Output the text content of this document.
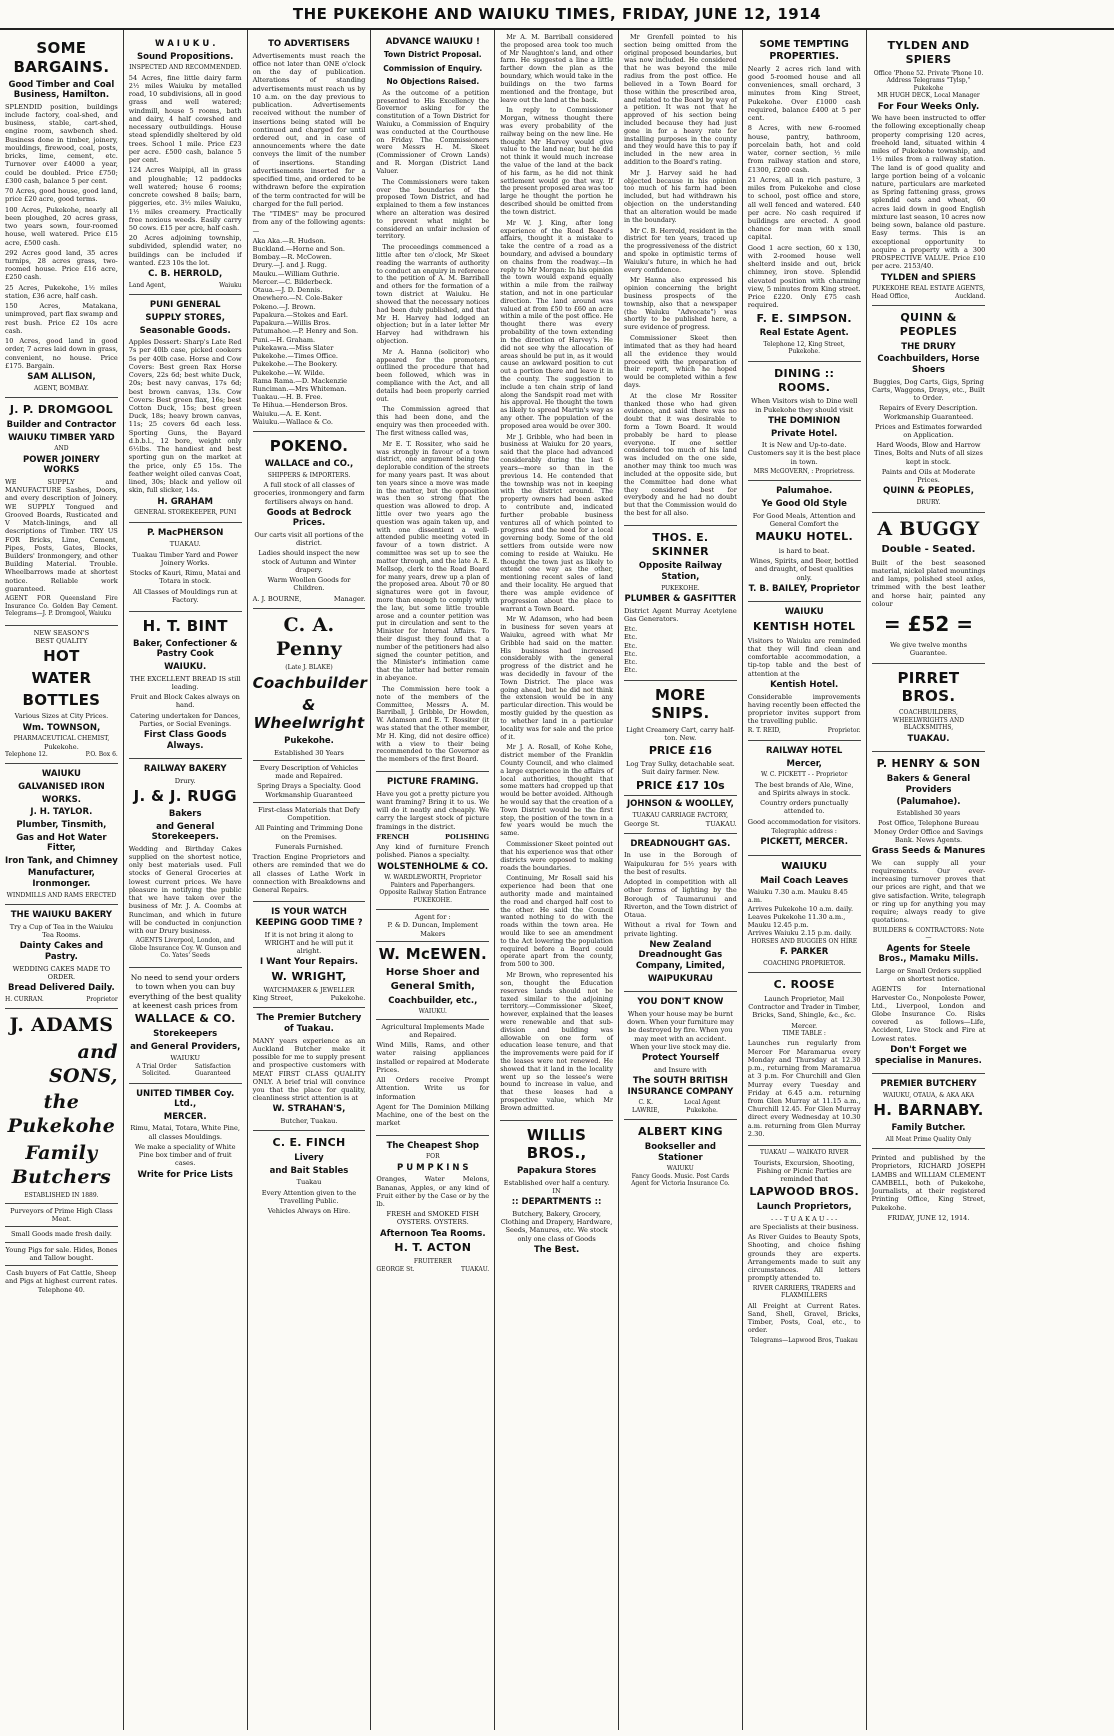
THE PUKEKOHE AND WAIUKU TIMES, FRIDAY, JUNE 12, 1914
SOME BARGAINS.
Good Timber and Coal Business, Hamilton.

SPLENDID position, buildings include factory, coal-shed, and business, stable, cart-shed, engine room, sawbench shed. Business done in timber, joinery, mouldings, firewood, coal, posts, bricks, lime, cement, etc. Turnover over £4000 a year, could be doubled. Price £750; £300 cash, balance 5 per cent.

70 Acres, good house, good land, price £20 acre, good terms.

100 Acres, Pukekohe, nearly all been ploughed, 20 acres grass, two years sown, four-roomed house, well watered. Price £15 acre, £500 cash.

292 Acres good land, 35 acres turnips, 28 acres grass, two-roomed house. Price £16 acre, £250 cash.

25 Acres, Pukekohe, 1½ miles station, £36 acre, half cash.

150 Acres, Matakana, unimproved, part flax swamp and rest bush. Price £2 10s acre cash.

10 Acres, good land in good order, 7 acres laid down in grass, convenient, no house. Price £175. Bargain.

SAM ALLISON,
AGENT, BOMBAY.
J. P. DROMGOOL
Builder and Contractor
WAIUKU TIMBER YARD
AND
POWER JOINERY WORKS

WE SUPPLY and MANUFACTURE Sashes, Doors, and every description of Joinery. WE SUPPLY Tongued and Grooved Boards, Rusticated and V Match-linings, and all descriptions of Timber. TRY US FOR Bricks, Lime, Cement, Pipes, Posts, Gates, Blocks, Builders' Ironmongery, and other Building Material. Trouble. Wheelbarrows made at shortest notice. Reliable work guaranteed.

AGENT FOR Queensland Fire Insurance Co. Golden Bay Cement. Telegrams—J. P. Dromgool, Waiuku

NEW SEASON'S
BEST QUALITY
HOT
WATER
BOTTLES
Various Sizes at City Prices.
Wm. TOWNSON,
PHARMACEUTICAL CHEMIST,
Pukekohe.
Telephone 12.	P.O. Box 6.
WAIUKU
GALVANISED IRON
WORKS.
J. H. TAYLOR.
Plumber, Tinsmith,
Gas and Hot Water Fitter,
Iron Tank, and Chimney
Manufacturer, Ironmonger.
WINDMILLS AND RAMS ERECTED
THE WAIUKU BAKERY
Try a Cup of Tea in the Waiuku Tea Rooms.
Dainty Cakes and Pastry.
WEDDING CAKES MADE TO ORDER.
Bread Delivered Daily.
H. CURRAN.	Proprietor
J. ADAMS
and SONS,
the Pukekohe
Family Butchers
ESTABLISHED IN 1889.
Purveyors of Prime High Class Meat.
Small Goods made fresh daily.
Young Pigs for sale. Hides, Bones and Tallow bought.
Cash buyers of Fat Cattle, Sheep and Pigs at highest current rates.
Telephone 40.
W A I U K U .
Sound Propositions.
INSPECTED AND RECOMMENDED.

54 Acres, fine little dairy farm 2½ miles Waiuku by metalled road, 10 subdivisions, all in good grass and well watered; windmill, house 5 rooms, bath and dairy, 4 half cowshed and necessary outbuildings. House stead splendidly sheltered by old trees. School 1 mile. Price £23 per acre. £500 cash, balance 5 per cent.

124 Acres Waipipi, all in grass and ploughable; 12 paddocks well watered; house 6 rooms; concrete cowshed 8 bails; barn, piggeries, etc. 3½ miles Waiuku, 1½ miles creamery. Practically free noxious weeds. Easily carry 50 cows. £15 per acre, half cash.

20 Acres adjoining township, subdivided, splendid water, no buildings can be included if wanted. £23 10s the lot.

C. B. HERROLD,
Land Agent,	Waiuku
PUNI GENERAL
SUPPLY STORES,
Seasonable Goods.

Apples Dessert: Sharp's Late Red 7s per 40lb case, picked cookers 5s per 40lb case. Horse and Cow Covers: Best green Rax Horse Covers, 22s 6d; best white Duck, 20s; best navy canvas, 17s 6d; best brown canvas, 13s. Cow Covers: Best green flax, 16s; best Cotton Duck, 15s; best green Duck, 18s; heavy brown canvas, 11s; 25 covers 6d each less. Sporting Guns, the Bayard d.b.b.l., 12 bore, weight only 6½lbs. The handiest and best sporting gun on the market at the price, only £5 15s. The feather weight oiled canvas Coat, lined, 30s; black and yellow oil skin, full slicker, 14s.

H. GRAHAM
GENERAL STOREKEEPER, PUNI
P. MacPHERSON
TUAKAU.

Tuakau Timber Yard and Power Joinery Works.

Stocks of Kauri, Rimu, Matai and Totara in stock.

All Classes of Mouldings run at Factory.

H. T. BINT
Baker, Confectioner & Pastry Cook
WAIUKU.

THE EXCELLENT BREAD IS still leading.

Fruit and Block Cakes always on hand.

Catering undertaken for Dances, Parties, or Social Evenings.

First Class Goods Always.
RAILWAY BAKERY
Drury.
J. & J. RUGG
Bakers
and General Storekeepers.

Wedding and Birthday Cakes supplied on the shortest notice, only best materials used. Full stocks of General Groceries at lowest current prices. We have pleasure in notifying the public that we have taken over the business of Mr. J. A. Coombs at Runciman, and which in future will be conducted in conjunction with our Drury business.

AGENTS Liverpool, London, and Globe Insurance Coy. W. Gunson and Co. Yates' Seeds

No need to send your orders to town when you can buy everything of the best quality at keenest cash prices from

WALLACE & CO.
Storekeepers
and General Providers,
WAIUKU
A Trial Order Solicited.
Satisfaction Guaranteed
UNITED TIMBER Coy. Ltd.,
MERCER.

Rimu, Matai, Totara, White Pine, all classes Mouldings.

We make a speciality of White Pine box timber and of fruit cases.

Write for Price Lists
TO ADVERTISERS

Advertisements must reach the office not later than ONE o'clock on the day of publication. Alterations of standing advertisements must reach us by 10 a.m. on the day previous to publication. Advertisements received without the number of insertions being stated will be continued and charged for until ordered out, and in case of announcements where the date conveys the limit of the number of insertions. Standing advertisements inserted for a specified time, and ordered to be withdrawn before the expiration of the term contracted for will be charged for the full period.

The "TIMES" may be procured from any of the following agents:—

Aka Aka.—R. Hudson.
Buckland.—Horne and Son.
Bombay.—R. McCowen.
Drury.—J. and J. Rugg.
Mauku.—William Guthrie.
Mercer.—C. Bilderbeck.
Otaua.—J. D. Dennis.
Onewhero.—N. Cole-Baker
Pokeno.—J. Brown.
Papakura.—Stokes and Earl.
Papakura.—Willis Bros.
Patumahoe.—P. Henry and Son.
Puni.—H. Graham.
Pukekawa.—Miss Slater
Pukekohe.—Times Office.
Pukekohe.—The Bookery.
Pukekohe.—W. Wilde.
Rama Rama.—D. Mackenzie
Runciman.—Mrs Whiteman.
Tuakau.—H. B. Free.
Te Hihua.—Henderson Bros.
Waiuku.—A. E. Kent.
Waiuku.—Wallace & Co.
POKENO.
WALLACE and CO.,
SHIPPERS & IMPORTERS.

A full stock of all classes of groceries, ironmongery and farm fertilisers always on hand.

Goods at Bedrock Prices.

Our carts visit all portions of the district.

Ladies should inspect the new stock of Autumn and Winter drapery.

Warm Woollen Goods for Children.

A. J. BOURNE,	Manager.
C. A. Penny
(Late J. BLAKE)
Coachbuilder
& Wheelwright
Pukekohe.
Established 30 Years

Every Description of Vehicles made and Repaired.

Spring Drays a Specialty. Good Workmanship Guaranteed

First-class Materials that Defy Competition.

All Painting and Trimming Done on the Premises.

Funerals Furnished.

Traction Engine Proprietors and others are reminded that we do all classes of Lathe Work in connection with Breakdowns and General Repairs.

IS YOUR WATCH KEEPING GOOD TIME ?

If it is not bring it along to WRIGHT and he will put it alright.

I Want Your Repairs.
W. WRIGHT,
WATCHMAKER & JEWELLER
King Street,	Pukekohe.
The Premier Butchery of Tuakau.

MANY years experience as an Auckland Butcher make it possible for me to supply present and prospective customers with MEAT FIRST CLASS QUALITY ONLY. A brief trial will convince you that the place for quality, cleanliness strict attention is at

W. STRAHAN'S,
Butcher, Tuakau.
C. E. FINCH
Livery
and Bait Stables
Tuakau

Every Attention given to the Travelling Public.

Vehicles Always on Hire.
ADVANCE WAIUKU !
Town District Proposal.
Commission of Enquiry.
No Objections Raised.

As the outcome of a petition presented to His Excellency the Governor asking for the constitution of a Town District for Waiuku, a Commission of Enquiry was conducted at the Courthouse on Friday. The Commissioners were Messrs H. M. Skeet (Commissioner of Crown Lands) and R. Morgan (District Land Valuer.

The Commissioners were taken over the boundaries of the proposed Town District, and had explained to them a few instances where an alteration was desired to prevent what might be considered an unfair inclusion of territory.

The proceedings commenced a little after ten o'clock, Mr Skeet reading the warrants of authority to conduct an enquiry in reference to the petition of A. M. Barriball and others for the formation of a town district at Waiuku. He showed that the necessary notices had been duly published, and that Mr H. Harvey had lodged an objection; but in a later letter Mr Harvey had withdrawn his objection.

Mr A. Hanna (solicitor) who appeared for the promoters, outlined the procedure that had been followed, which was in compliance with the Act, and all details had been properly carried out.

The Commission agreed that this had been done, and the enquiry was then proceeded with. The first witness called was,

Mr E. T. Rossiter, who said he was strongly in favour of a town district, one argument being the deplorable condition of the streets for many years past. It was about ten years since a move was made in the matter, but the opposition was then so strong that the question was allowed to drop. A little over two years ago the question was again taken up, and with one dissentient a well-attended public meeting voted in favour of a town district. A committee was set up to see the matter through, and the late A. E. Mellsop, clerk to the Road Board for many years, drew up a plan of the proposed area. About 70 or 80 signatures were got in favour, more than enough to comply with the law, but some little trouble arose and a counter petition was put in circulation and sent to the Minister for Internal Affairs. To their disgust they found that a number of the petitioners had also signed the counter petition, and the Minister's intimation came that the latter had better remain in abeyance.

The Commission here took a note of the members of the Committee, Messrs A. M. Barriball, J. Gribble, Dr Howden, W. Adamson and E. T. Rossiter (it was stated that the other member, Mr H. King, did not desire office) with a view to their being recommended to the Governor as the members of the first Board.

PICTURE FRAMING.

Have you got a pretty picture you want framing? Bring it to us. We will do it neatly and cheaply. We carry the largest stock of picture framings in the district.

FRENCH	POLISHING

Any kind of furniture French polished. Pianos a specialty.

WOLSTENHOLME & CO.
W. WARDLEWORTH, Proprietor
Painters and Paperhangers.
Opposite Railway Station Entrance
PUKEKOHE.
Agent for :
P. & D. Duncan, Implement Makers
W. McEWEN.
Horse Shoer and
General Smith,
Coachbuilder, etc.,
WAIUKU.

Agricultural Implements Made and Repaired.

Wind Mills, Rams, and other water raising appliances installed or repaired at Moderate Prices.

All Orders receive Prompt Attention. Write us for information

Agent for The Dominion Milking Machine, one of the best on the market

The Cheapest Shop
FOR
P U M P K I N S

Oranges, Water Melons, Bananas, Apples, or any kind of Fruit either by the Case or by the lb.

FRESH and SMOKED FISH
OYSTERS. OYSTERS.
Afternoon Tea Rooms.
H. T. ACTON
FRUITERER
GEORGE St.	TUAKAU.

Mr A. M. Barriball considered the proposed area took too much of Mr Naughton's land, and other farm. He suggested a line a little farther down the plan as the boundary, which would take in the buildings on the two farms mentioned and the frontage, but leave out the land at the back.

In reply to Commissioner Morgan, witness thought there was every probability of the railway being on the new line. He thought Mr Harvey would give value to the land near, but he did not think it would much increase the value of the land at the back of his farm, as he did not think settlement would go that way. If the present proposed area was too large he thought the portion he described should be omitted from the town district.

Mr W. J. King, after long experience of the Road Board's affairs, thought it a mistake to take the centre of a road as a boundary, and advised a boundary on chains from the roadway.—In reply to Mr Morgan: In his opinion the town would expand equally within a mile from the railway station, and not in one particular direction. The land around was valued at from £50 to £60 an acre within a mile of the post office. He thought there was every probability of the town extending in the direction of Harvey's. He did not see why the allocation of areas should be put in, as it would cause an awkward position to cut out a portion there and leave it in the county. The suggestion to include a ten chain strip of land along the Sandspit road met with his approval. He thought the town as likely to spread Martin's way as any other. The population of the proposed area would be over 300.

Mr J. Gribble, who had been in business at Waiuku for 20 years, said that the place had advanced considerably during the last 6 years—more so than in the previous 14. He contended that the township was not in keeping with the district around. The property owners had been asked to contribute and, indicated further probable business ventures all of which pointed to progress and the need for a local governing body. Some of the old settlers from outside were now coming to reside at Waiuku. He thought the town just as likely to extend one way as the other, mentioning recent sales of land and their locality. He argued that there was ample evidence of progression about the place to warrant a Town Board.

Mr W. Adamson, who had been in business for seven years at Waiuku, agreed with what Mr Gribble had said on the matter. His business had increased considerably with the general progress of the district and he was decidedly in favour of the Town District. The place was going ahead, but he did not think the extension would be in any particular direction. This would be mostly guided by the question as to whether land in a particular locality was for sale and the price of it.

Mr J. A. Rosall, of Kohe Kohe, district member of the Franklin County Council, and who claimed a large experience in the affairs of local authorities, thought that some matters had cropped up that would be better avoided. Although he would say that the creation of a Town District would be the first step, the position of the town in a few years would be much the same.

Commissioner Skeet pointed out that his experience was that other districts were opposed to making roads the boundaries.

Continuing, Mr Rosall said his experience had been that one authority made and maintained the road and charged half cost to the other. He said the Council wanted nothing to do with the roads within the town area. He would like to see an amendment to the Act lowering the population required before a Board could operate apart from the county, from 500 to 300.

Mr Brown, who represented his son, thought the Education reserves lands should not be taxed similar to the adjoining territory.—Commissioner Skeet, however, explained that the leases were renewable and that sub-division and building was allowable on one form of education lease tenure, and that the improvements were paid for if the leases were not renewed. He showed that it land in the locality went up so the lessee's were bound to increase in value, and that these leases had a prospective value, which Mr Brown admitted.

WILLIS BROS.,
Papakura Stores
Established over half a century.
IN
:: DEPARTMENTS ::

Butchery, Bakery, Grocery, Clothing and Drapery, Hardware, Seeds, Manures, etc. We stock only one class of Goods

The Best.

Mr Grenfell pointed to his section being omitted from the original proposed boundaries, but was now included. He considered that he was beyond the mile radius from the post office. He believed in a Town Board for those within the prescribed area, and related to the Board by way of a petition. It was not that he approved of his section being included because they had just gone in for a heavy rate for installing purposes in the county and they would have this to pay if included in the new area in addition to the Board's rating.

Mr J. Harvey said he had objected because in his opinion too much of his farm had been included, but had withdrawn his objection on the understanding that an alteration would be made in the boundary.

Mr C. B. Herrold, resident in the district for ten years, traced up the progressiveness of the district and spoke in optimistic terms of Waiuku's future, in which he had every confidence.

Mr Hanna also expressed his opinion concerning the bright business prospects of the township, also that a newspaper (the Waiuku "Advocate") was shortly to be published here, a sure evidence of progress.

Commissioner Skeet then intimated that as they had heard all the evidence they would proceed with the preparation of their report, which he hoped would be completed within a few days.

At the close Mr Rossiter thanked those who had given evidence, and said there was no doubt that it was desirable to form a Town Board. It would probably be hard to please everyone. If one settler considered too much of his land was included on the one side, another may think too much was included at the opposite side, but the Committee had done what they considered best for everybody and he had no doubt but that the Commission would do the best for all also.

THOS. E. SKINNER
Opposite Railway Station,
PUKEKOHE.
PLUMBER & GASFITTER

District Agent Murray Acetylene Gas Generators.

Etc.
Etc.
Etc.
Etc.
Etc.
Etc.
MORE SNIPS.

Light Creamery Cart, carry half-ton. New.

PRICE £16

Log Tray Sulky, detachable seat. Suit dairy farmer. New.

PRICE £17 10s
JOHNSON & WOOLLEY,
TUAKAU CARRIAGE FACTORY,
George St.	TUAKAU.
DREADNOUGHT GAS.

In use in the Borough of Waipukurau for 5½ years with the best of results.

Adopted in competition with all other forms of lighting by the Borough of Taumarunui and Riverton, and the Town district of Otaua.

Without a rival for Town and private lighting.

New Zealand Dreadnought Gas Company, Limited,
WAIPUKURAU
YOU DON'T KNOW

When your house may be burnt down. When your furniture may be destroyed by fire. When you may meet with an accident. When your live stock may die.

Protect Yourself
and Insure with
The SOUTH BRITISH INSURANCE COMPANY
C. K. LAWRIE,
Local Agent Pukekohe.
ALBERT KING
Bookseller and Stationer
WAIUKU
Fancy Goods. Music. Post Cards
Agent for Victoria Insurance Co.
SOME TEMPTING PROPERTIES.

Nearly 2 acres rich land with good 5-roomed house and all conveniences, small orchard, 3 minutes from King Street, Pukekohe. Over £1000 cash required, balance £400 at 5 per cent.

8 Acres, with new 6-roomed house, pantry, bathroom, porcelain bath, hot and cold water, corner section, ½ mile from railway station and store, £1300, £200 cash.

21 Acres, all in rich pasture, 3 miles from Pukekohe and close to school, post office and store, all well fenced and watered. £40 per acre. No cash required if buildings are erected. A good chance for man with small capital.

Good 1 acre section, 60 x 130, with 2-roomed house well shelterd inside and out, brick chimney, iron stove. Splendid elevated position with charming view, 5 minutes from King street. Price £220. Only £75 cash required.

F. E. SIMPSON.
Real Estate Agent.
Telephone 12, King Street, Pukekohe.
DINING :: ROOMS.

When Visitors wish to Dine well in Pukekohe they should visit

THE DOMINION
Private Hotel.

It is New and Up-to-date. Customers say it is the best place in town.

MRS McGOVERN, : Proprietress.
Palumahoe.
Ye Good Old Style

For Good Meals, Attention and General Comfort the

MAUKU HOTEL.
is hard to beat.

Wines, Spirits, and Beer, bottled and draught, of best qualities only.

T. B. BAILEY, Proprietor
WAIUKU
KENTISH HOTEL

Visitors to Waiuku are reminded that they will find clean and comfortable accommodation, a tip-top table and the best of attention at the

Kentish Hotel.

Considerable improvements having recently been effected the proprietor invites support from the travelling public.

R. T. REID,	Proprietor.
RAILWAY HOTEL
Mercer,
W. C. PICKETT - - Proprietor

The best brands of Ale, Wine, and Spirits always in stock.

Country orders punctually attended to.

Good accommodation for visitors.

Telegraphic address :
PICKETT, MERCER.
WAIUKU
Mail Coach Leaves
Waiuku 7.30 a.m. Mauku 8.45 a.m.
Arrives Pukekohe 10 a.m. daily.
Leaves Pukekohe 11.30 a.m., Mauku 12.45 p.m.
Arrives Waiuku 2.15 p.m. daily.
HORSES AND BUGGIES ON HIRE
F. PARKER
COACHING PROPRIETOR.
C. ROOSE

Launch Proprietor, Mail Contractor and Trader in Timber, Bricks, Sand, Shingle, &c., &c.

Mercer.
TIME TABLE :

Launches run regularly from Mercer For Maramarua every Monday and Thursday at 12.30 p.m., returning from Maramarua at 3 p.m. For Churchill and Glen Murray every Tuesday and Friday at 6.45 a.m. returning from Glen Murray at 11.15 a.m., Churchill 12.45. For Glen Murray direct every Wednesday at 10.30 a.m. returning from Glen Murray 2.30.

TUAKAU — WAIKATO RIVER

Tourists, Excursion, Shooting, Fishing or Picnic Parties are reminded that

LAPWOOD BROS.
Launch Proprietors,
- - - T U A K A U - - -
are Specialists at their business.

As River Guides to Beauty Spots, Shooting, and choice fishing grounds they are experts. Arrangements made to suit any circumstances. All letters promptly attended to.

RIVER CARRIERS, TRADERS and FLAXMILLERS

All Freight at Current Rates. Sand, Shell, Gravel, Bricks, Timber, Posts, Coal, etc., to order.

Telegrams—Lapwood Bros, Tuakau
TYLDEN AND SPIERS
Office 'Phone 52. Private 'Phone 10.
Address Telegrams "Tylsp," Pukekohe
MR HUGH DECK, Local Manager
For Four Weeks Only.

We have been instructed to offer the following exceptionally cheap property comprising 120 acres, freehold land, situated within 4 miles of Pukekohe township, and 1½ miles from a railway station. The land is of good quality and large portion being of a volcanic nature, particulars are marketed as Spring fattening grass, grows splendid oats and wheat, 60 acres laid down in good English mixture last season, 10 acres now being sown, balance old pasture. Easy terms. This is an exceptional opportunity to acquire a property with a 300 PROSPECTIVE VALUE. Price £10 per acre. 2153/40.

TYLDEN and SPIERS
PUKEKOHE REAL ESTATE AGENTS,
Head Office,	Auckland.
QUINN & PEOPLES
THE DRURY
Coachbuilders, Horse Shoers

Buggies, Dog Carts, Gigs, Spring Carts, Waggons, Drays, etc., Built to Order.

Repairs of Every Description. Workmanship Guaranteed.

Prices and Estimates forwarded on Application.

Hard Woods, Blow and Harrow Tines, Bolts and Nuts of all sizes kept in stock.

Paints and Oils at Moderate Prices.

QUINN & PEOPLES,
DRURY.
A BUGGY
Double - Seated.

Built of the best seasoned material, nickel plated mountings and lamps, polished steel axles, trimmed with the best leather and horse hair, painted any colour

= £52 =
We give twelve months Guarantee.
PIRRET BROS.
COACHBUILDERS, WHEELWRIGHTS AND BLACKSMITHS,
TUAKAU.
P. HENRY & SON
Bakers & General Providers
(Palumahoe).
Established 30 years

Post Office, Telephone Bureau Money Order Office and Savings Bank. News Agents.

Grass Seeds & Manures

We can supply all your requirements. Our ever-increasing turnover proves that our prices are right, and that we give satisfaction. Write, telegraph or ring up for anything you may require; always ready to give quotations.

BUILDERS & CONTRACTORS: Note—
Agents for Steele Bros., Mamaku Mills.

Large or Small Orders supplied on shortest notice.

AGENTS for International Harvester Co., Nonpoleste Power, Ltd., Liverpool, London and Globe Insurance Co. Risks covered as follows—Life, Accident, Live Stock and Fire at Lowest rates.

Don't Forget we specialise in Manures.
PREMIER BUTCHERY
WAIUKU, OTAUA, & AKA AKA
H. BARNABY.
Family Butcher.
All Meat Prime Quality Only

Printed and published by the Proprietors, RICHARD JOSEPH LAMBS and WILLIAM CLEMENT CAMBELL, both of Pukekohe, Journalists, at their registered Printing Office, King Street, Pukekohe.

FRIDAY, JUNE 12, 1914.
